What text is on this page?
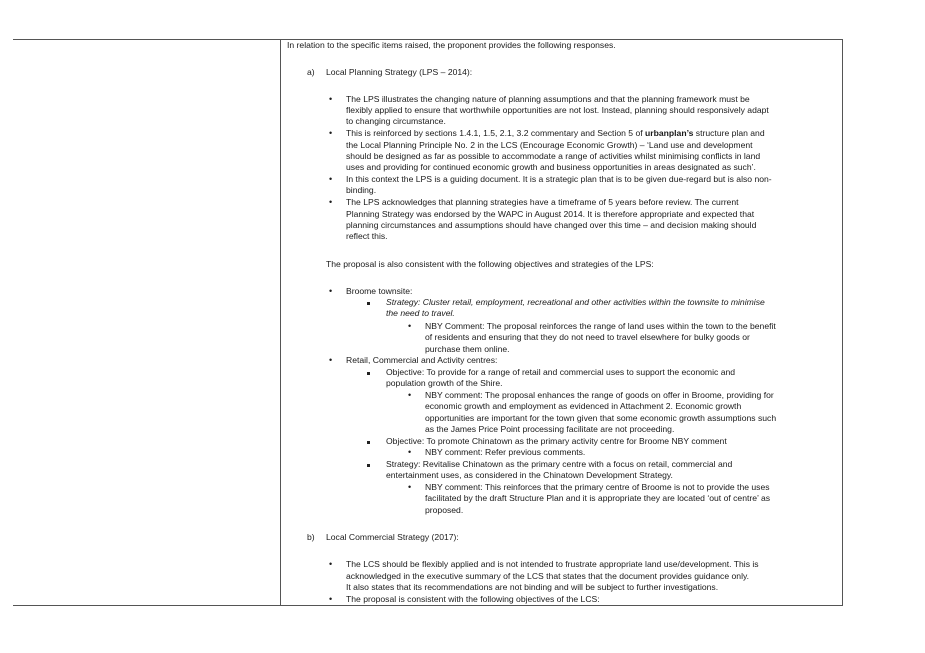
In relation to the specific items raised, the proponent provides the following responses.
a) Local Planning Strategy (LPS – 2014):
• The LPS illustrates the changing nature of planning assumptions and that the planning framework must be
flexibly applied to ensure that worthwhile opportunities are not lost. Instead, planning should responsively adapt
to changing circumstance.
• This is reinforced by sections 1.4.1, 1.5, 2.1, 3.2 commentary and Section 5 of urbanplan’s structure plan and
the Local Planning Principle No. 2 in the LCS (Encourage Economic Growth) – ‘Land use and development
should be designed as far as possible to accommodate a range of activities whilst minimising conflicts in land
uses and providing for continued economic growth and business opportunities in areas designated as such’.
• In this context the LPS is a guiding document. It is a strategic plan that is to be given due-regard but is also non-
binding.
• The LPS acknowledges that planning strategies have a timeframe of 5 years before review. The current
Planning Strategy was endorsed by the WAPC in August 2014. It is therefore appropriate and expected that
planning circumstances and assumptions should have changed over this time – and decision making should
reflect this.
The proposal is also consistent with the following objectives and strategies of the LPS:
• Broome townsite:
Strategy: Cluster retail, employment, recreational and other activities within the townsite to minimise
the need to travel.
• NBY Comment: The proposal reinforces the range of land uses within the town to the benefit
of residents and ensuring that they do not need to travel elsewhere for bulky goods or
purchase them online.
• Retail, Commercial and Activity centres:
Objective: To provide for a range of retail and commercial uses to support the economic and
population growth of the Shire.
• NBY comment: The proposal enhances the range of goods on offer in Broome, providing for
economic growth and employment as evidenced in Attachment 2. Economic growth
opportunities are important for the town given that some economic growth assumptions such
as the James Price Point processing facilitate are not proceeding.
Objective: To promote Chinatown as the primary activity centre for Broome NBY comment
• NBY comment: Refer previous comments.
Strategy: Revitalise Chinatown as the primary centre with a focus on retail, commercial and
entertainment uses, as considered in the Chinatown Development Strategy.
• NBY comment: This reinforces that the primary centre of Broome is not to provide the uses
facilitated by the draft Structure Plan and it is appropriate they are located ‘out of centre’ as
proposed.
b) Local Commercial Strategy (2017):
• The LCS should be flexibly applied and is not intended to frustrate appropriate land use/development. This is
acknowledged in the executive summary of the LCS that states that the document provides guidance only.
It also states that its recommendations are not binding and will be subject to further investigations.
• The proposal is consistent with the following objectives of the LCS:
